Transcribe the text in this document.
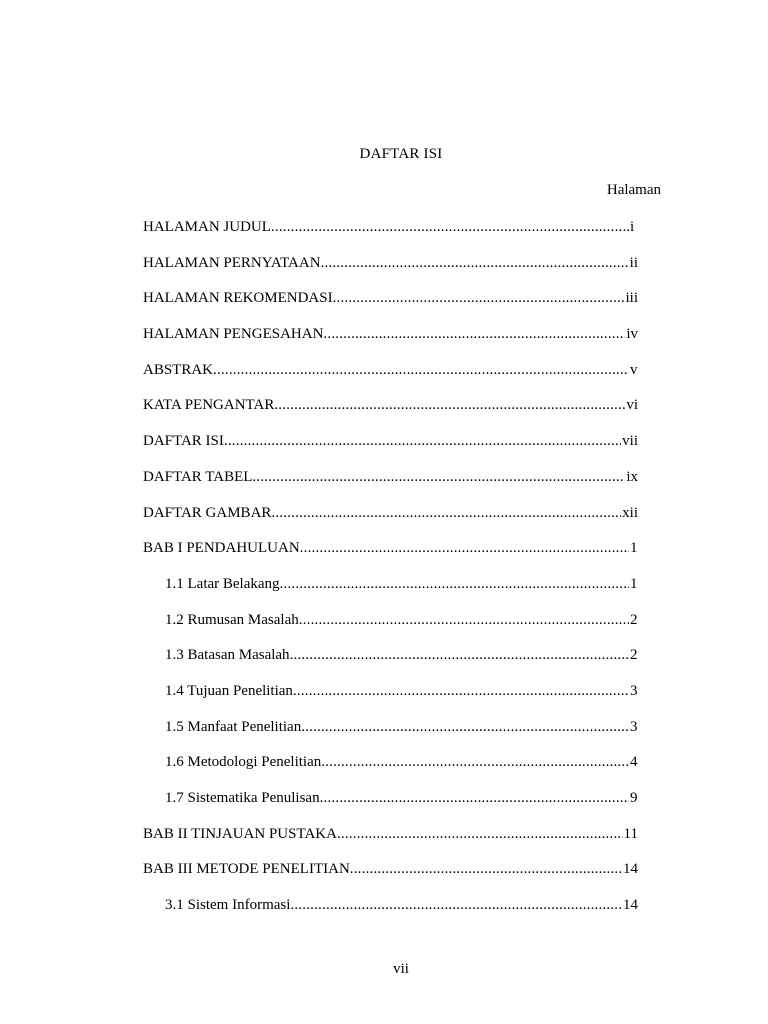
DAFTAR ISI
Halaman
HALAMAN JUDUL .....	i
HALAMAN PERNYATAAN .....	ii
HALAMAN REKOMENDASI .....	iii
HALAMAN PENGESAHAN .....	iv
ABSTRAK .....	v
KATA PENGANTAR .....	vi
DAFTAR ISI .....	vii
DAFTAR TABEL .....	ix
DAFTAR GAMBAR .....	xii
BAB I PENDAHULUAN .....	1
1.1 Latar Belakang .....	1
1.2 Rumusan Masalah .....	2
1.3 Batasan Masalah .....	2
1.4 Tujuan Penelitian .....	3
1.5 Manfaat Penelitian .....	3
1.6 Metodologi Penelitian .....	4
1.7 Sistematika Penulisan .....	9
BAB II TINJAUAN PUSTAKA .....	11
BAB III METODE PENELITIAN .....	14
3.1 Sistem Informasi .....	14
vii
